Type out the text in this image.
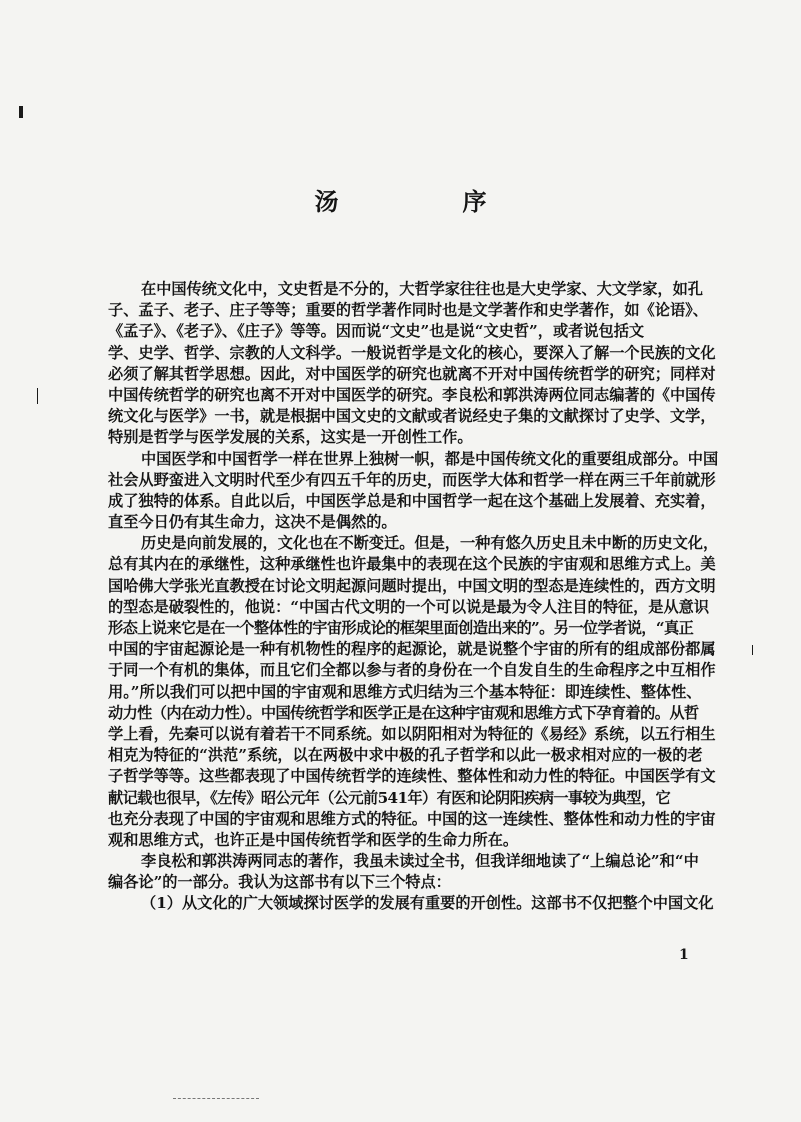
汤　序
在中国传统文化中，文史哲是不分的，大哲学家往往也是大史学家、大文学家，如孔
子、孟子、老子、庄子等等；重要的哲学著作同时也是文学著作和史学著作，如《论语》、
《孟子》、《老子》、《庄子》等等。因而说“文史”也是说“文史哲”，或者说包括文
学、史学、哲学、宗教的人文科学。一般说哲学是文化的核心，要深入了解一个民族的文化
必须了解其哲学思想。因此，对中国医学的研究也就离不开对中国传统哲学的研究；同样对
中国传统哲学的研究也离不开对中国医学的研究。李良松和郭洪涛两位同志编著的《中国传
统文化与医学》一书，就是根据中国文史的文献或者说经史子集的文献探讨了史学、文学，
特别是哲学与医学发展的关系，这实是一开创性工作。
中国医学和中国哲学一样在世界上独树一帜，都是中国传统文化的重要组成部分。中国
社会从野蛮进入文明时代至少有四五千年的历史，而医学大体和哲学一样在两三千年前就形
成了独特的体系。自此以后，中国医学总是和中国哲学一起在这个基础上发展着、充实着，
直至今日仍有其生命力，这决不是偶然的。
历史是向前发展的，文化也在不断变迁。但是，一种有悠久历史且未中断的历史文化，
总有其内在的承继性，这种承继性也许最集中的表现在这个民族的宇宙观和思维方式上。美
国哈佛大学张光直教授在讨论文明起源问题时提出，中国文明的型态是连续性的，西方文明
的型态是破裂性的，他说：“中国古代文明的一个可以说是最为令人注目的特征，是从意识
形态上说来它是在一个整体性的宇宙形成论的框架里面创造出来的”。另一位学者说，“真正
中国的宇宙起源论是一种有机物性的程序的起源论，就是说整个宇宙的所有的组成部份都属
于同一个有机的集体，而且它们全都以参与者的身份在一个自发自生的生命程序之中互相作
用。”所以我们可以把中国的宇宙观和思维方式归结为三个基本特征：即连续性、整体性、
动力性（内在动力性）。中国传统哲学和医学正是在这种宇宙观和思维方式下孕育着的。从哲
学上看，先秦可以说有着若干不同系统。如以阴阳相对为特征的《易经》系统，以五行相生
相克为特征的“洪范”系统，以在两极中求中极的孔子哲学和以此一极求相对应的一极的老
子哲学等等。这些都表现了中国传统哲学的连续性、整体性和动力性的特征。中国医学有文
献记载也很早，《左传》昭公元年（公元前541年）有医和论阴阳疾病一事较为典型，它
也充分表现了中国的宇宙观和思维方式的特征。中国的这一连续性、整体性和动力性的宇宙
观和思维方式，也许正是中国传统哲学和医学的生命力所在。
李良松和郭洪涛两同志的著作，我虽未读过全书，但我详细地读了“上编总论”和“中
编各论”的一部分。我认为这部书有以下三个特点：
（1）从文化的广大领域探讨医学的发展有重要的开创性。这部书不仅把整个中国文化
1
